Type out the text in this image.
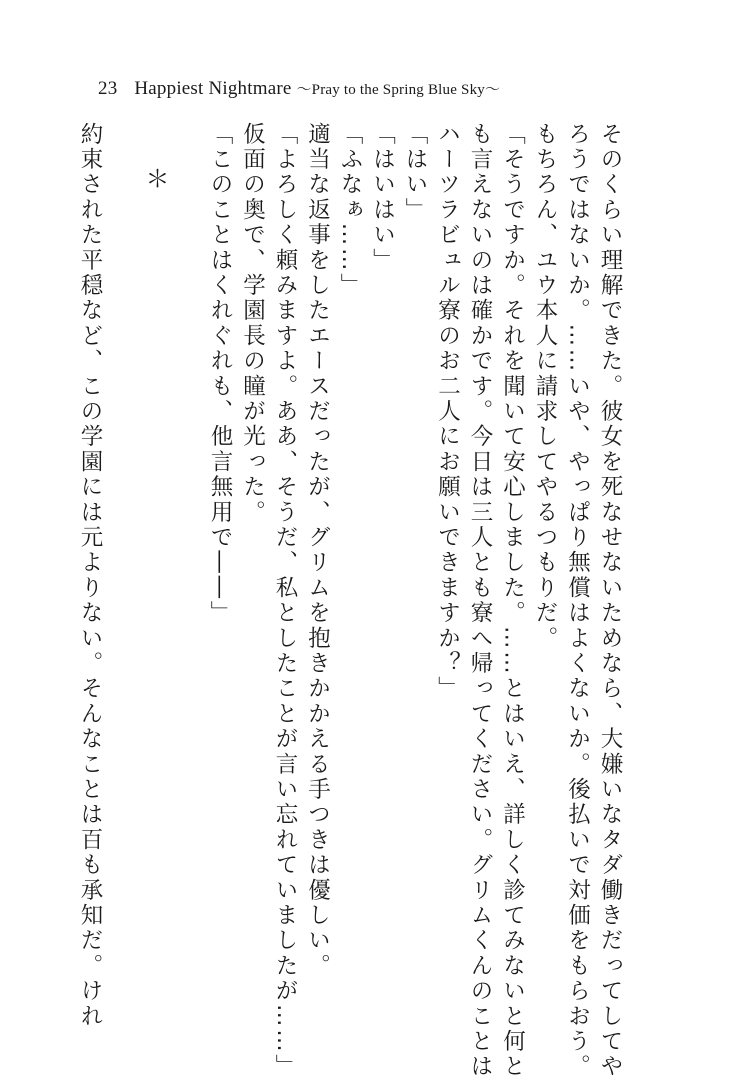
23 Happiest Nightmare ～Pray to the Spring Blue Sky～
そのくらい理解できた。彼女を死なせないためなら、大嫌いなタダ働きだってしてや
ろうではないか。……いや、やっぱり無償はよくないか。後払いで対価をもらおう。
もちろん、ユウ本人に請求してやるつもりだ。
「そうですか。それを聞いて安心しました。……とはいえ、詳しく診てみないと何と
も言えないのは確かです。今日は三人とも寮へ帰ってください。グリムくんのことは
ハーツラビュル寮のお二人にお願いできますか？」
「はい」
「はいはい」
「ふなぁ……」
適当な返事をしたエースだったが、グリムを抱きかかえる手つきは優しい。
「よろしく頼みますよ。ああ、そうだ、私としたことが言い忘れていましたが……」
仮面の奥で、学園長の瞳が光った。
「このことはくれぐれも、他言無用で――」
＊
約束された平穏など、この学園には元よりない。そんなことは百も承知だ。けれ
